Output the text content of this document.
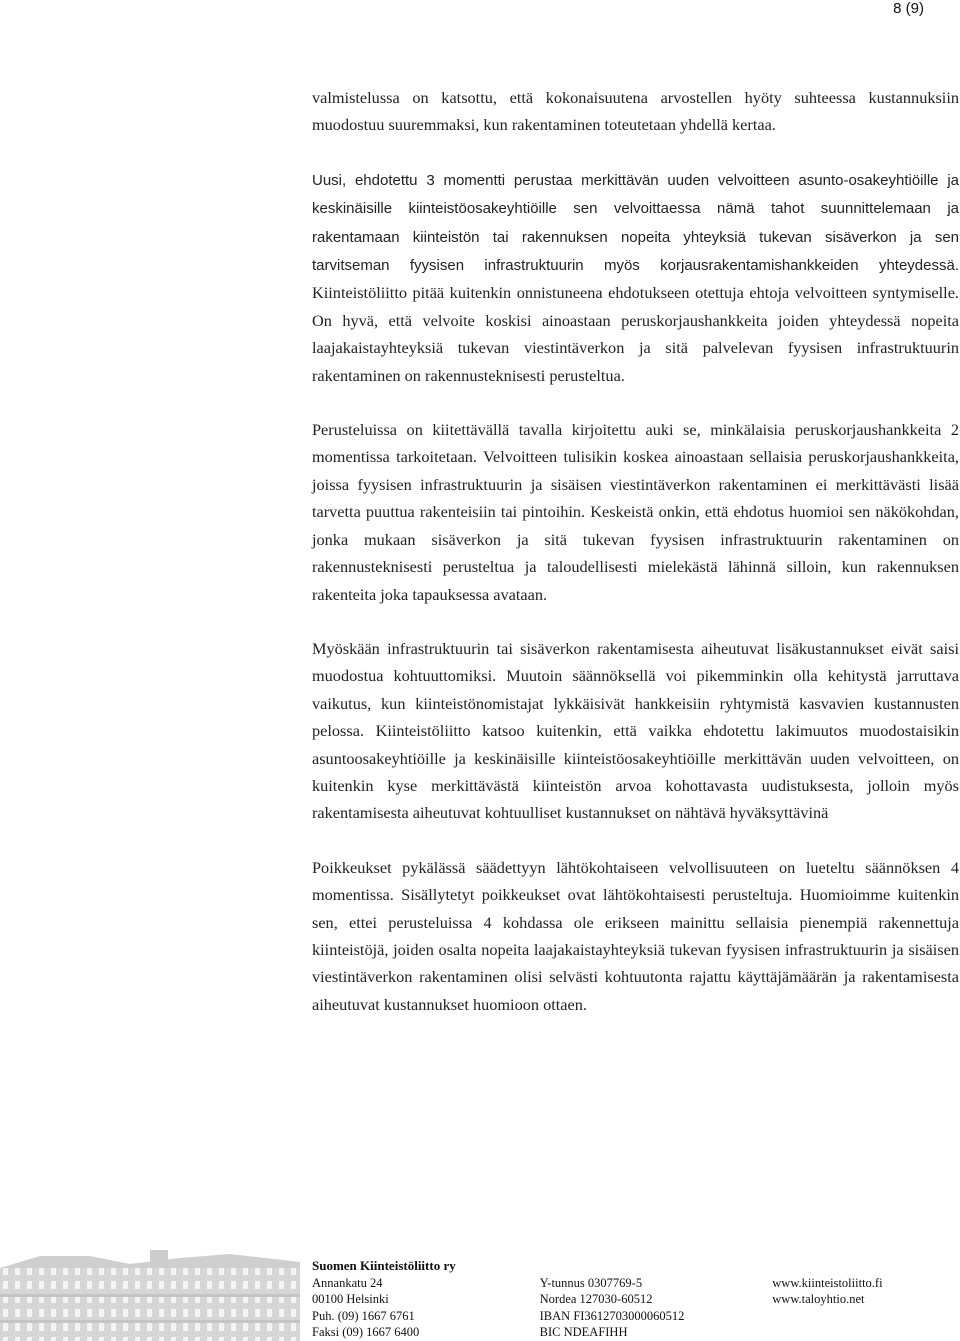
8 (9)

valmistelussa on katsottu, että kokonaisuutena arvostellen hyöty suhteessa kustannuksiin muodostuu suuremmaksi, kun rakentaminen toteutetaan yhdellä kertaa.

Uusi, ehdotettu 3 momentti perustaa merkittävän uuden velvoitteen asunto-osakeyhtiöille ja keskinäisille kiinteistöosakeyhtiöille sen velvoittaessa nämä tahot suunnittelemaan ja rakentamaan kiinteistön tai rakennuksen nopeita yhteyksiä tukevan sisäverkon ja sen tarvitseman fyysisen infrastruktuurin myös korjausrakentamishankkeiden yhteydessä. Kiinteistöliitto pitää kuitenkin onnistuneena ehdotukseen otettuja ehtoja velvoitteen syntymiselle. On hyvä, että velvoite koskisi ainoastaan peruskorjaushankkeita joiden yhteydessä nopeita laajakaistayhteyksiä tukevan viestintäverkon ja sitä palvelevan fyysisen infrastruktuurin rakentaminen on rakennusteknisesti perusteltua.

Perusteluissa on kiitettävällä tavalla kirjoitettu auki se, minkälaisia peruskorjaushankkeita 2 momentissa tarkoitetaan. Velvoitteen tulisikin koskea ainoastaan sellaisia peruskorjaushankkeita, joissa fyysisen infrastruktuurin ja sisäisen viestintäverkon rakentaminen ei merkittävästi lisää tarvetta puuttua rakenteisiin tai pintoihin. Keskeistä onkin, että ehdotus huomioi sen näkökohdan, jonka mukaan sisäverkon ja sitä tukevan fyysisen infrastruktuurin rakentaminen on rakennusteknisesti perusteltua ja taloudellisesti mielekästä lähinnä silloin, kun rakennuksen rakenteita joka tapauksessa avataan.

Myöskään infrastruktuurin tai sisäverkon rakentamisesta aiheutuvat lisäkustannukset eivät saisi muodostua kohtuuttomiksi. Muutoin säännöksellä voi pikemminkin olla kehitystä jarruttava vaikutus, kun kiinteistönomistajat lykkäisivät hankkeisiin ryhtymistä kasvavien kustannusten pelossa. Kiinteistöliitto katsoo kuitenkin, että vaikka ehdotettu lakimuutos muodostaisikin asuntoosakeyhtiöille ja keskinäisille kiinteistöosakeyhtiöille merkittävän uuden velvoitteen, on kuitenkin kyse merkittävästä kiinteistön arvoa kohottavasta uudistuksesta, jolloin myös rakentamisesta aiheutuvat kohtuulliset kustannukset on nähtävä hyväksyttävinä

Poikkeukset pykälässä säädettyyn lähtökohtaiseen velvollisuuteen on lueteltu säännöksen 4 momentissa. Sisällytetyt poikkeukset ovat lähtökohtaisesti perusteltuja. Huomioimme kuitenkin sen, ettei perusteluissa 4 kohdassa ole erikseen mainittu sellaisia pienempiä rakennettuja kiinteistöjä, joiden osalta nopeita laajakaistayhteyksiä tukevan fyysisen infrastruktuurin ja sisäisen viestintäverkon rakentaminen olisi selvästi kohtuutonta rajattu käyttäjämäärän ja rakentamisesta aiheutuvat kustannukset huomioon ottaen.

Suomen Kiinteistöliitto ry
Annankatu 24
00100 Helsinki
Puh. (09) 1667 6761
Faksi (09) 1667 6400
Y-tunnus 0307769-5
Nordea 127030-60512
IBAN FI3612703000060512
BIC NDEAFIHH
www.kiinteistoliitto.fi
www.taloyhtio.net
